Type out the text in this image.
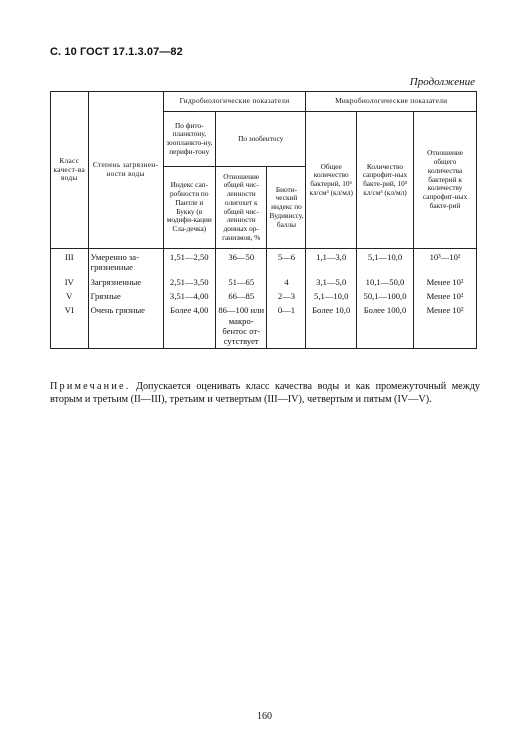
С. 10 ГОСТ 17.1.3.07—82
Продолжение
Класс качест-ва воды	Степень загрязнен-ности воды	Гидробиологические показатели			Микробиологические показатели		
		По фито-планктону, зоопланкто-ну, перифи-тону	По зообентосу		Общее количество бактерий, 10⁶ кл/см³ (кл/мл)	Количество сапрофит-ных бакте-рий, 10³ кл/см³ (кл/мл)	Отношение общего количества бактерий к количеству сапрофит-ных бакте-рий
		Индекс сап-робности по Пантле и Букку (в модифи-кации Сла-дечка)	Отношение общей чис-ленности олигохет к общей чис-ленности донных ор-ганизмов, %	Биоти-ческий индекс по Вудивиссу, баллы			
III	Умеренно за-грязненные	1,51—2,50	36—50	5—6	1,1—3,0	5,1—10,0	10³—10²
IV	Загрязненные	2,51—3,50	51—65	4	3,1—5,0	10,1—50,0	Менее 10²
V	Грязные	3,51—4,00	66—85	2—3	5,1—10,0	50,1—100,0	Менее 10²
VI	Очень грязные	Более 4,00	86—100 или макро-бентос от-сутствует	0—1	Более 10,0	Более 100,0	Менее 10²

Примечание. Допускается оценивать класс качества воды и как промежуточный между вторым и третьим (II—III), третьим и четвертым (III—IV), четвертым и пятым (IV—V).

160
